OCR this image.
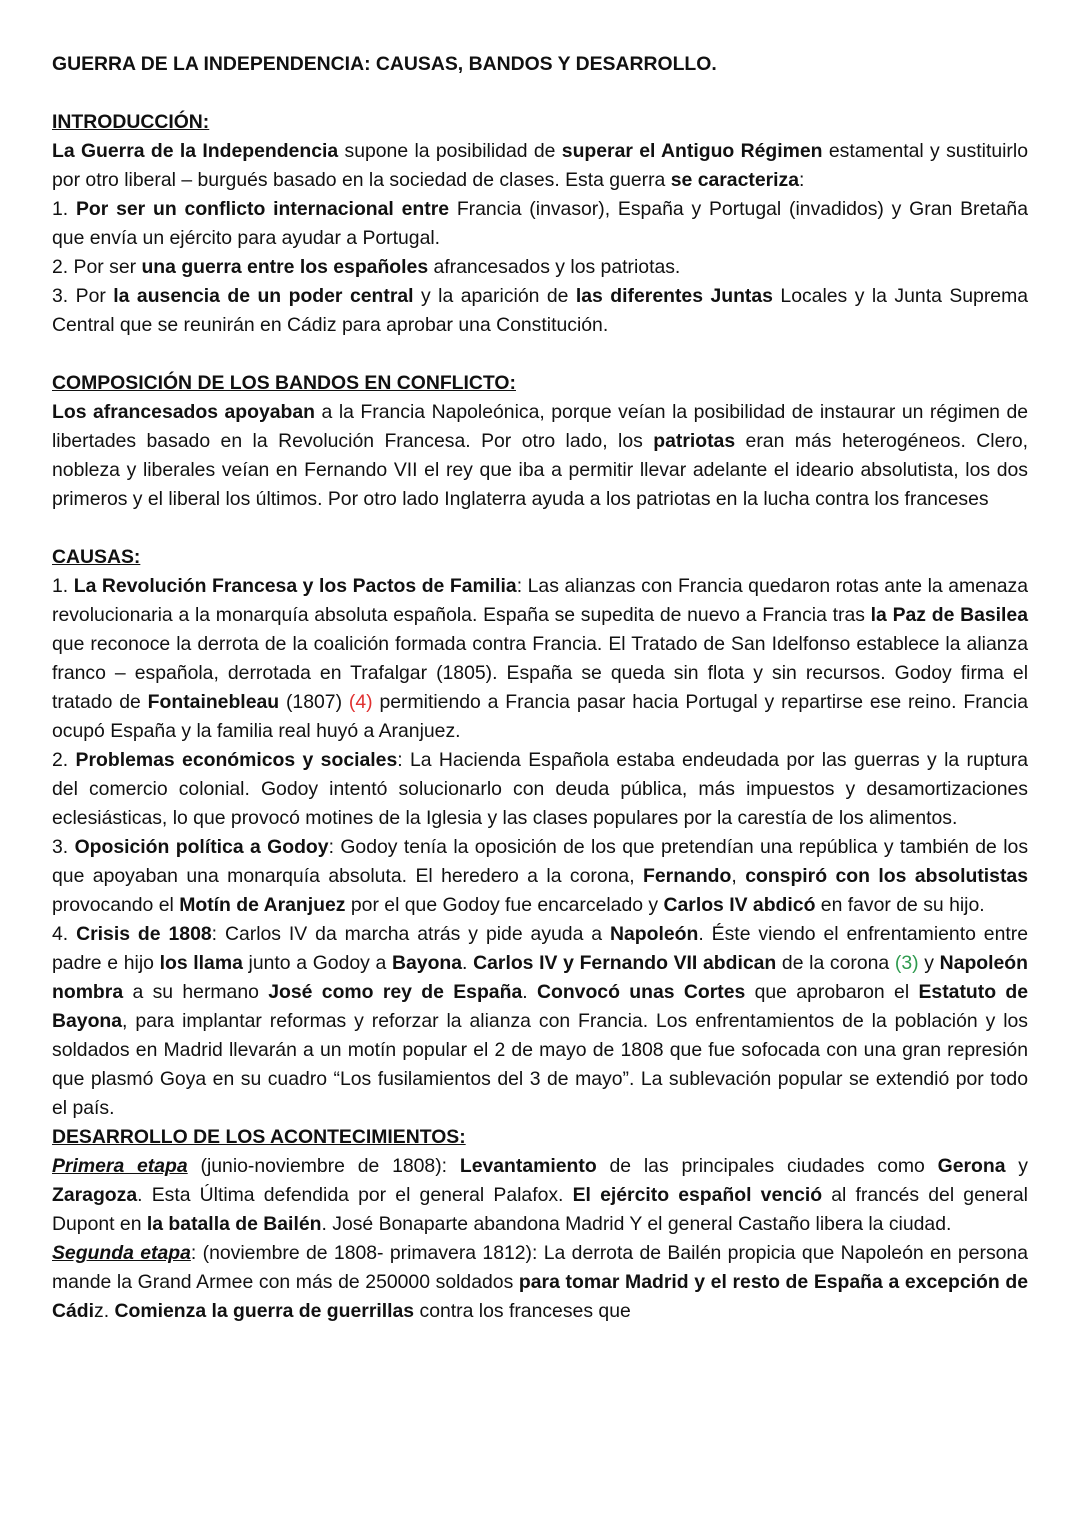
GUERRA DE LA INDEPENDENCIA: CAUSAS, BANDOS Y DESARROLLO.

INTRODUCCIÓN:

La Guerra de la Independencia supone la posibilidad de superar el Antiguo Régimen estamental y sustituirlo por otro liberal – burgués basado en la sociedad de clases. Esta guerra se caracteriza:

1. Por ser un conflicto internacional entre Francia (invasor), España y Portugal (invadidos) y Gran Bretaña que envía un ejército para ayudar a Portugal.

2. Por ser una guerra entre los españoles afrancesados y los patriotas.

3. Por la ausencia de un poder central y la aparición de las diferentes Juntas Locales y la Junta Suprema Central que se reunirán en Cádiz para aprobar una Constitución.

COMPOSICIÓN DE LOS BANDOS EN CONFLICTO:

Los afrancesados apoyaban a la Francia Napoleónica, porque veían la posibilidad de instaurar un régimen de libertades basado en la Revolución Francesa. Por otro lado, los patriotas eran más heterogéneos. Clero, nobleza y liberales veían en Fernando VII el rey que iba a permitir llevar adelante el ideario absolutista, los dos primeros y el liberal los últimos. Por otro lado Inglaterra ayuda a los patriotas en la lucha contra los franceses

CAUSAS:

1. La Revolución Francesa y los Pactos de Familia: Las alianzas con Francia quedaron rotas ante la amenaza revolucionaria a la monarquía absoluta española. España se supedita de nuevo a Francia tras la Paz de Basilea que reconoce la derrota de la coalición formada contra Francia. El Tratado de San Idelfonso establece la alianza franco – española, derrotada en Trafalgar (1805). España se queda sin flota y sin recursos. Godoy firma el tratado de Fontainebleau (1807) (4) permitiendo a Francia pasar hacia Portugal y repartirse ese reino. Francia ocupó España y la familia real huyó a Aranjuez.

2. Problemas económicos y sociales: La Hacienda Española estaba endeudada por las guerras y la ruptura del comercio colonial. Godoy intentó solucionarlo con deuda pública, más impuestos y desamortizaciones eclesiásticas, lo que provocó motines de la Iglesia y las clases populares por la carestía de los alimentos.

3. Oposición política a Godoy: Godoy tenía la oposición de los que pretendían una república y también de los que apoyaban una monarquía absoluta. El heredero a la corona, Fernando, conspiró con los absolutistas provocando el Motín de Aranjuez por el que Godoy fue encarcelado y Carlos IV abdicó en favor de su hijo.

4. Crisis de 1808: Carlos IV da marcha atrás y pide ayuda a Napoleón. Éste viendo el enfrentamiento entre padre e hijo los llama junto a Godoy a Bayona. Carlos IV y Fernando VII abdican de la corona (3) y Napoleón nombra a su hermano José como rey de España. Convocó unas Cortes que aprobaron el Estatuto de Bayona, para implantar reformas y reforzar la alianza con Francia. Los enfrentamientos de la población y los soldados en Madrid llevarán a un motín popular el 2 de mayo de 1808 que fue sofocada con una gran represión que plasmó Goya en su cuadro “Los fusilamientos del 3 de mayo”. La sublevación popular se extendió por todo el país.

DESARROLLO DE LOS ACONTECIMIENTOS:

Primera etapa (junio-noviembre de 1808): Levantamiento de las principales ciudades como Gerona y Zaragoza. Esta Última defendida por el general Palafox. El ejército español venció al francés del general Dupont en la batalla de Bailén. José Bonaparte abandona Madrid Y el general Castaño libera la ciudad.

Segunda etapa: (noviembre de 1808- primavera 1812): La derrota de Bailén propicia que Napoleón en persona mande la Grand Armee con más de 250000 soldados para tomar Madrid y el resto de España a excepción de Cádiz. Comienza la guerra de guerrillas contra los franceses que
